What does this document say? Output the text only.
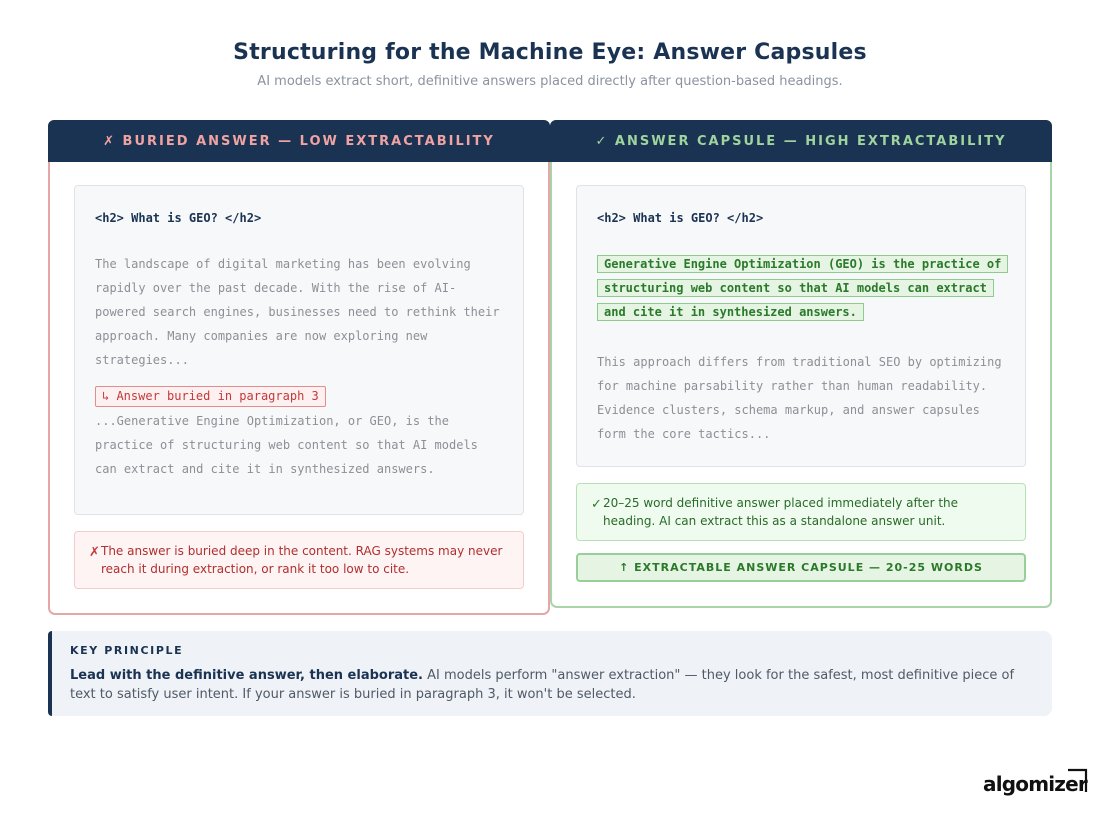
Structuring for the Machine Eye: Answer Capsules
AI models extract short, definitive answers placed directly after question-based headings.
✗ BURIED ANSWER — LOW EXTRACTABILITY
<h2> What is GEO? </h2>
The landscape of digital marketing has been evolving rapidly over the past decade. With the rise of AI-powered search engines, businesses need to rethink their approach. Many companies are now exploring new strategies...
↳ Answer buried in paragraph 3
...Generative Engine Optimization, or GEO, is the practice of structuring web content so that AI models can extract and cite it in synthesized answers.
✗ The answer is buried deep in the content. RAG systems may never reach it during extraction, or rank it too low to cite.
✓ ANSWER CAPSULE — HIGH EXTRACTABILITY
<h2> What is GEO? </h2>
Generative Engine Optimization (GEO) is the practice of structuring web content so that AI models can extract and cite it in synthesized answers.
This approach differs from traditional SEO by optimizing for machine parsability rather than human readability. Evidence clusters, schema markup, and answer capsules form the core tactics...
✓ 20–25 word definitive answer placed immediately after the heading. AI can extract this as a standalone answer unit.
↑ EXTRACTABLE ANSWER CAPSULE — 20-25 WORDS
KEY PRINCIPLE
Lead with the definitive answer, then elaborate. AI models perform "answer extraction" — they look for the safest, most definitive piece of text to satisfy user intent. If your answer is buried in paragraph 3, it won't be selected.
algomizer
